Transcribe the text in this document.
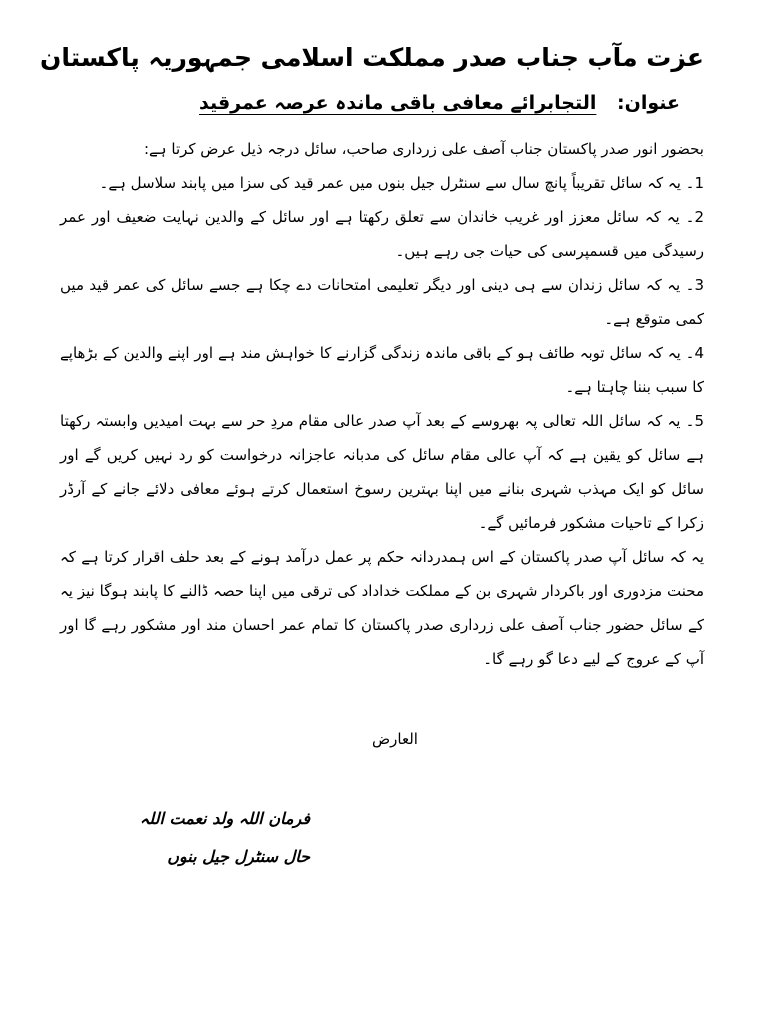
عزت مآب جناب صدر مملکت اسلامی جمہوریہ پاکستان
عنوان: التجابرائے معافی باقی ماندہ عرصہ عمرقید

بحضور انور صدر پاکستان جناب آصف علی زرداری صاحب، سائل درجہ ذیل عرض کرتا ہے:

1۔ یہ کہ سائل تقریباً پانچ سال سے سنٹرل جیل بنوں میں عمر قید کی سزا میں پابند سلاسل ہے۔

2۔ یہ کہ سائل معزز اور غریب خاندان سے تعلق رکھتا ہے اور سائل کے والدین نہایت ضعیف اور عمر رسیدگی میں قسمپرسی کی حیات جی رہے ہیں۔

3۔ یہ کہ سائل زندان سے ہی دینی اور دیگر تعلیمی امتحانات دے چکا ہے جسے سائل کی عمر قید میں کمی متوقع ہے۔

4۔ یہ کہ سائل توبہ طائف ہو کے باقی ماندہ زندگی گزارنے کا خواہش مند ہے اور اپنے والدین کے بڑھاپے کا سبب بننا چاہتا ہے۔

5۔ یہ کہ سائل اللہ تعالی پہ بھروسے کے بعد آپ صدر عالی مقام مردِ حر سے بہت امیدیں وابستہ رکھتا ہے سائل کو یقین ہے کہ آپ عالی مقام سائل کی مدبانہ عاجزانہ درخواست کو رد نہیں کریں گے اور سائل کو ایک مہذب شہری بنانے میں اپنا بہترین رسوخ استعمال کرتے ہوئے معافی دلائے جانے کے آرڈر زکرا کے تاحیات مشکور فرمائیں گے۔

یہ کہ سائل آپ صدر پاکستان کے اس ہمدردانہ حکم پر عمل درآمد ہونے کے بعد حلف اقرار کرتا ہے کہ محنت مزدوری اور باکردار شہری بن کے مملکت خداداد کی ترقی میں اپنا حصہ ڈالنے کا پابند ہوگا نیز یہ کے سائل حضور جناب آصف علی زرداری صدر پاکستان کا تمام عمر احسان مند اور مشکور رہے گا اور آپ کے عروج کے لیے دعا گو رہے گا۔

العارض
فرمان اللہ ولد نعمت اللہ
حال سنٹرل جیل بنوں
